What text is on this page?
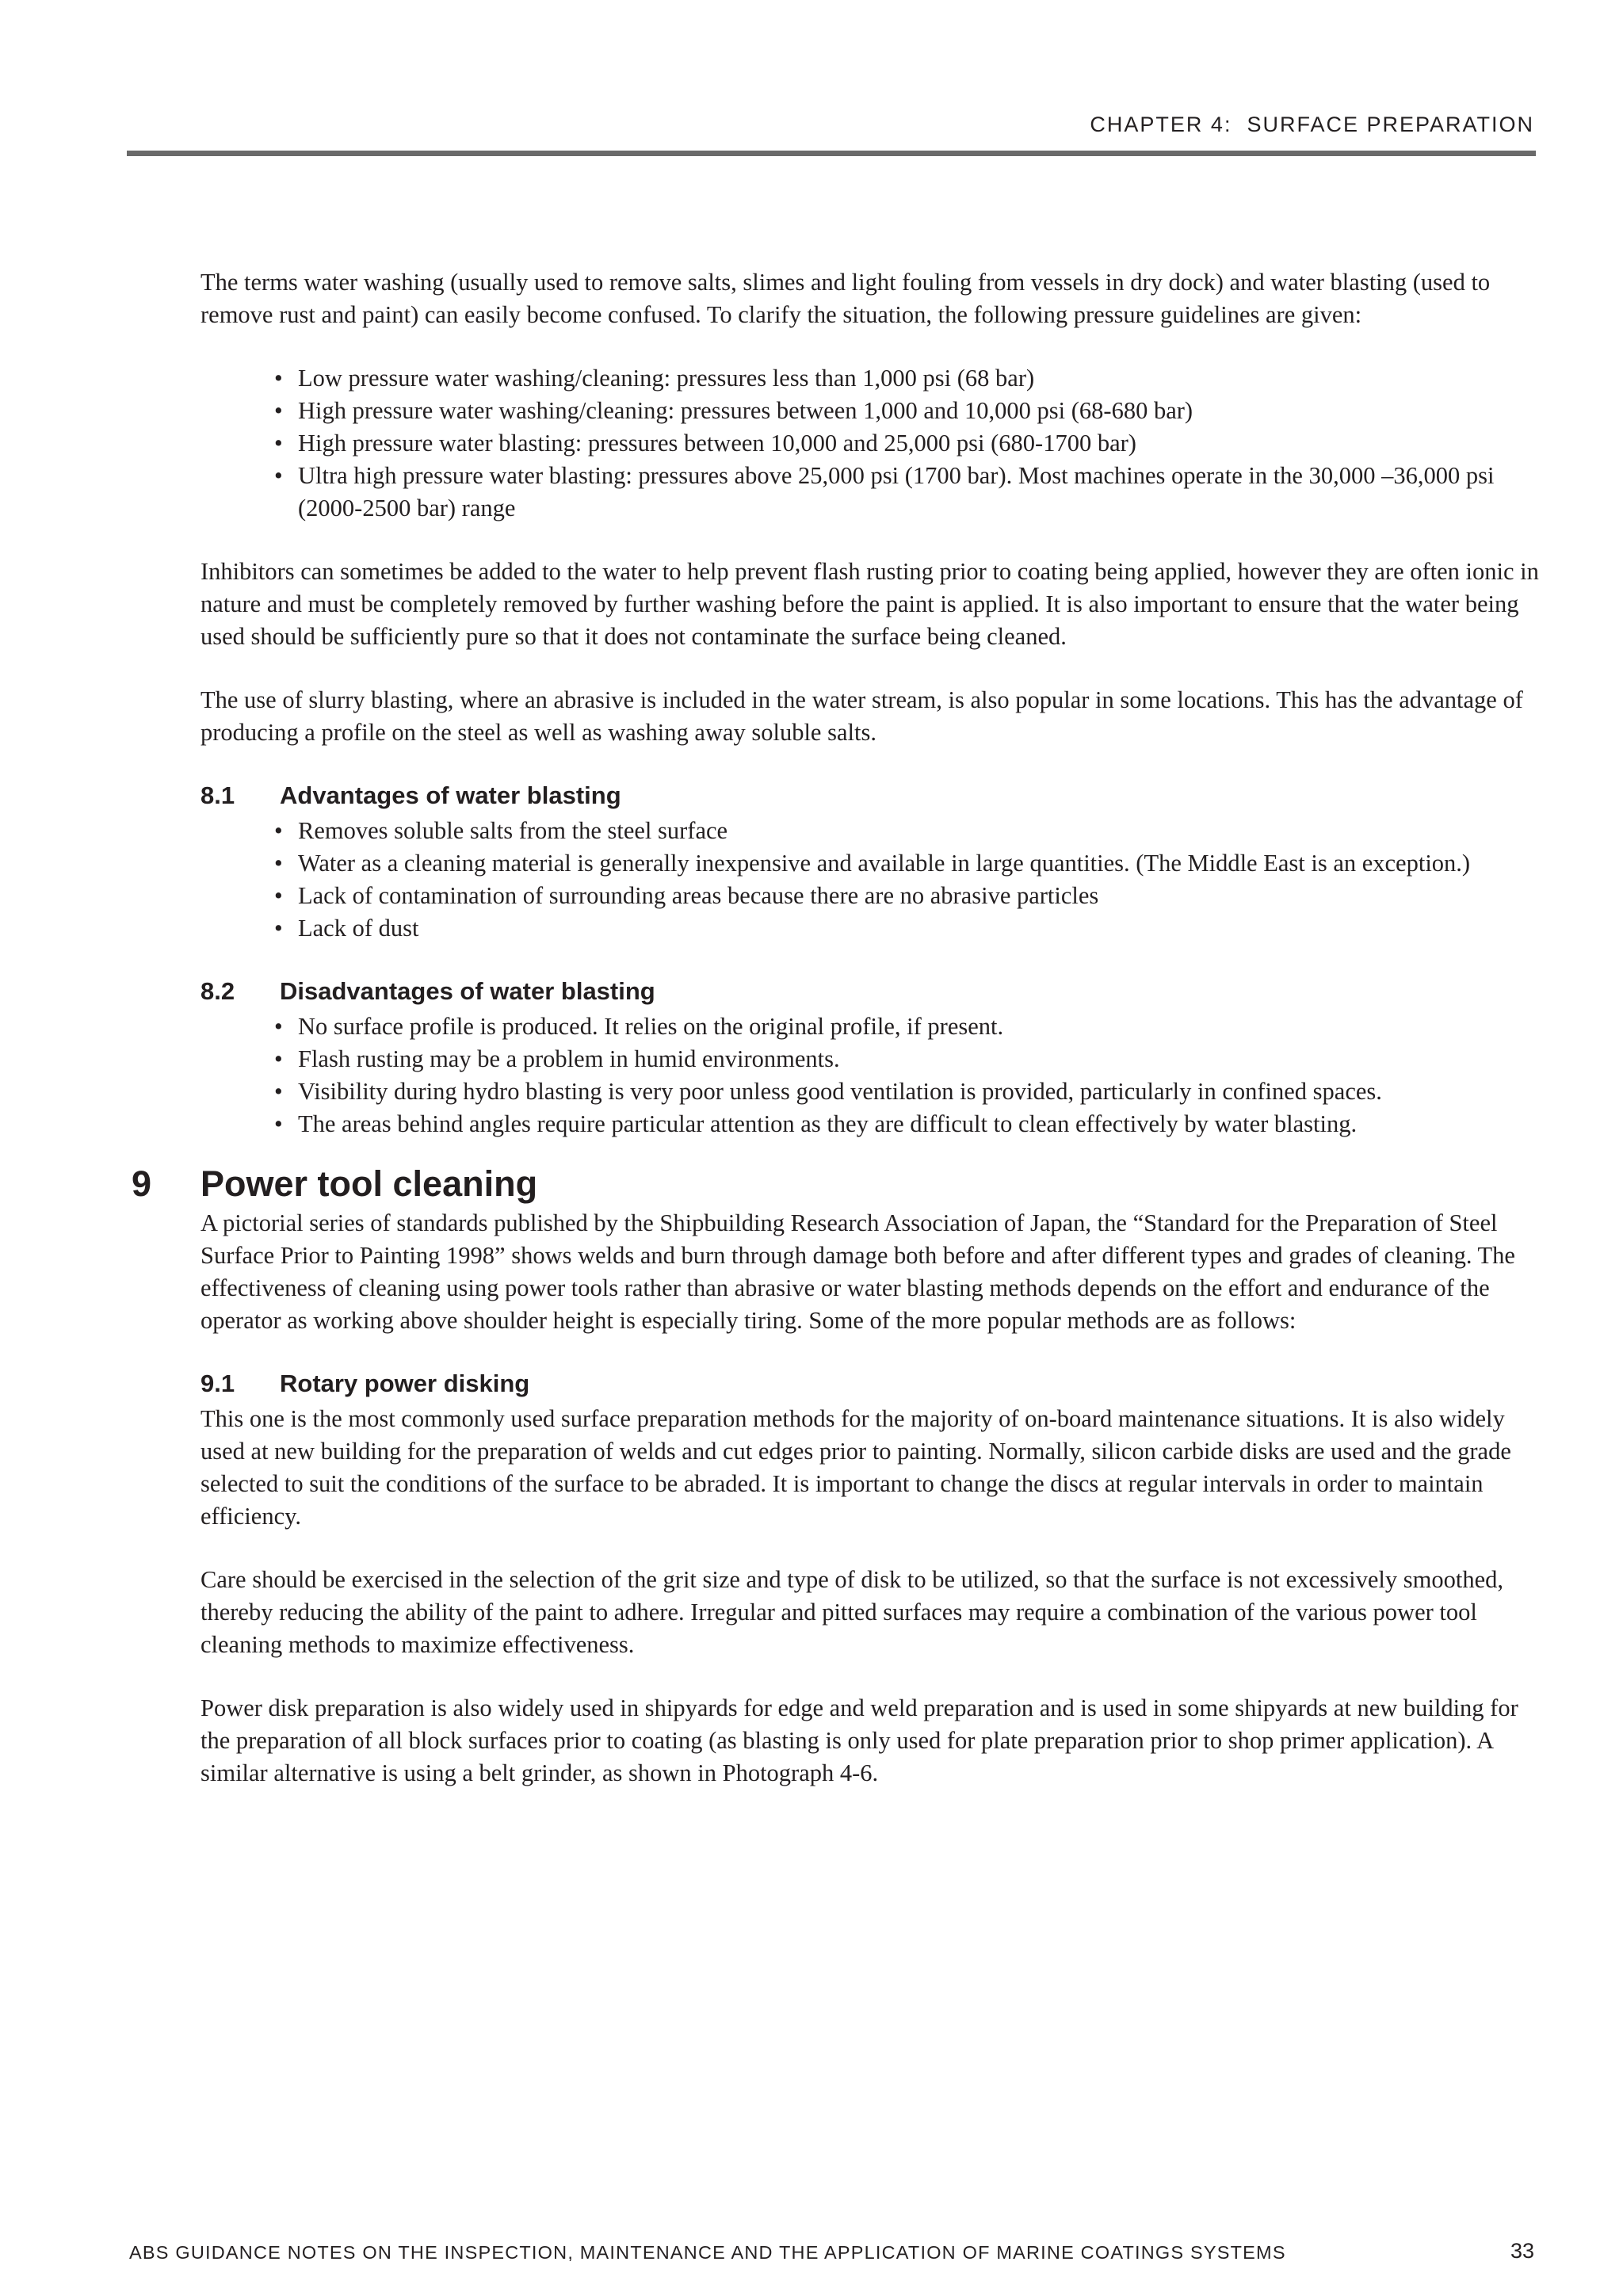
CHAPTER 4:  SURFACE PREPARATION

The terms water washing (usually used to remove salts, slimes and light fouling from vessels in dry dock) and water blasting (used to remove rust and paint) can easily become confused. To clarify the situation, the following pressure guidelines are given:

• Low pressure water washing/cleaning: pressures less than 1,000 psi (68 bar)
• High pressure water washing/cleaning: pressures between 1,000 and 10,000 psi (68-680 bar)
• High pressure water blasting: pressures between 10,000 and 25,000 psi (680-1700 bar)
• Ultra high pressure water blasting: pressures above 25,000 psi (1700 bar). Most machines operate in the 30,000 –36,000 psi (2000-2500 bar) range

Inhibitors can sometimes be added to the water to help prevent flash rusting prior to coating being applied, however they are often ionic in nature and must be completely removed by further washing before the paint is applied. It is also important to ensure that the water being used should be sufficiently pure so that it does not contaminate the surface being cleaned.

The use of slurry blasting, where an abrasive is included in the water stream, is also popular in some locations. This has the advantage of producing a profile on the steel as well as washing away soluble salts.

8.1	Advantages of water blasting
• Removes soluble salts from the steel surface
• Water as a cleaning material is generally inexpensive and available in large quantities. (The Middle East is an exception.)
• Lack of contamination of surrounding areas because there are no abrasive particles
• Lack of dust
8.2	Disadvantages of water blasting
• No surface profile is produced. It relies on the original profile, if present.
• Flash rusting may be a problem in humid environments.
• Visibility during hydro blasting is very poor unless good ventilation is provided, particularly in confined spaces.
• The areas behind angles require particular attention as they are difficult to clean effectively by water blasting.
9 Power tool cleaning

A pictorial series of standards published by the Shipbuilding Research Association of Japan, the “Standard for the Preparation of Steel Surface Prior to Painting 1998” shows welds and burn through damage both before and after different types and grades of cleaning. The effectiveness of cleaning using power tools rather than abrasive or water blasting methods depends on the effort and endurance of the operator as working above shoulder height is especially tiring. Some of the more popular methods are as follows:

9.1	Rotary power disking

This one is the most commonly used surface preparation methods for the majority of on-board maintenance situations. It is also widely used at new building for the preparation of welds and cut edges prior to painting. Normally, silicon carbide disks are used and the grade selected to suit the conditions of the surface to be abraded. It is important to change the discs at regular intervals in order to maintain efficiency.

Care should be exercised in the selection of the grit size and type of disk to be utilized, so that the surface is not excessively smoothed, thereby reducing the ability of the paint to adhere. Irregular and pitted surfaces may require a combination of the various power tool cleaning methods to maximize effectiveness.

Power disk preparation is also widely used in shipyards for edge and weld preparation and is used in some shipyards at new building for the preparation of all block surfaces prior to coating (as blasting is only used for plate preparation prior to shop primer application). A similar alternative is using a belt grinder, as shown in Photograph 4-6.

ABS GUIDANCE NOTES ON THE INSPECTION, MAINTENANCE AND THE APPLICATION OF MARINE COATINGS SYSTEMS	33
